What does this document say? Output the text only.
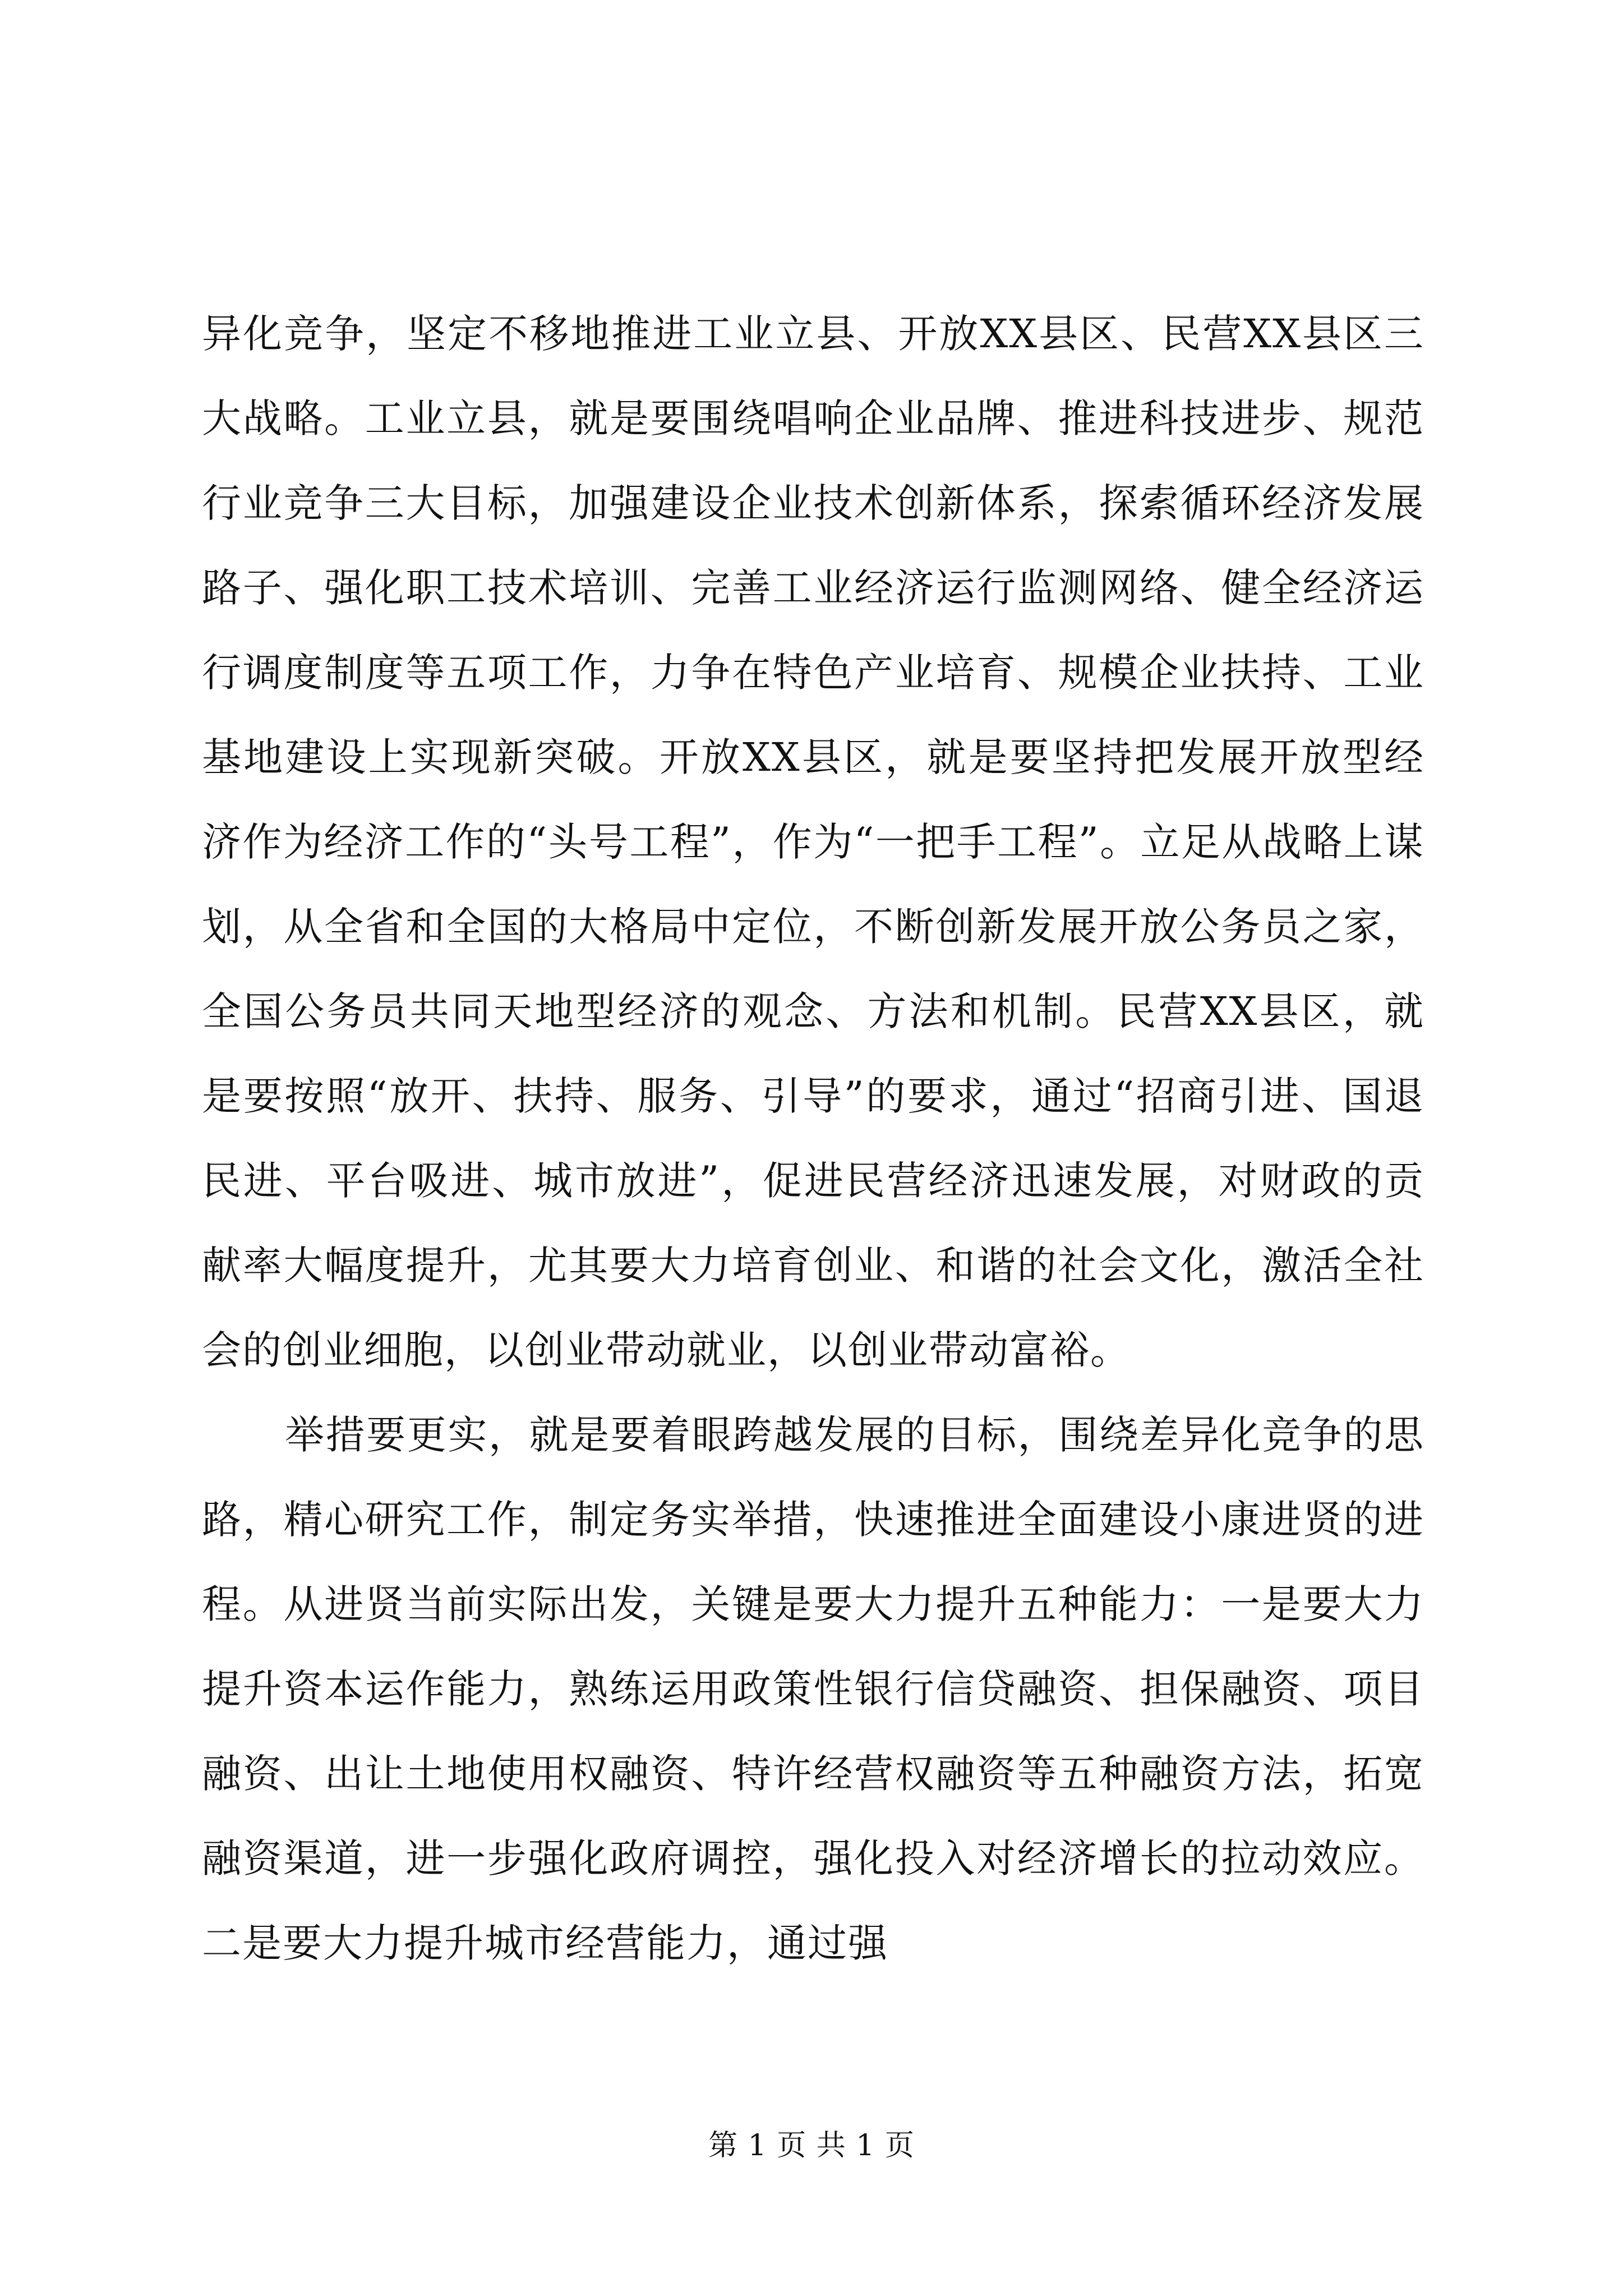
异化竞争，坚定不移地推进工业立县、开放XX县区、民营XX县区三大战略。工业立县，就是要围绕唱响企业品牌、推进科技进步、规范行业竞争三大目标，加强建设企业技术创新体系，探索循环经济发展路子、强化职工技术培训、完善工业经济运行监测网络、健全经济运行调度制度等五项工作，力争在特色产业培育、规模企业扶持、工业基地建设上实现新突破。开放XX县区，就是要坚持把发展开放型经济作为经济工作的“头号工程”，作为“一把手工程”。立足从战略上谋划，从全省和全国的大格局中定位，不断创新发展开放公务员之家，全国公务员共同天地型经济的观念、方法和机制。民营XX县区，就是要按照“放开、扶持、服务、引导”的要求，通过“招商引进、国退民进、平台吸进、城市放进”，促进民营经济迅速发展，对财政的贡献率大幅度提升，尤其要大力培育创业、和谐的社会文化，激活全社会的创业细胞，以创业带动就业，以创业带动富裕。

举措要更实，就是要着眼跨越发展的目标，围绕差异化竞争的思路，精心研究工作，制定务实举措，快速推进全面建设小康进贤的进程。从进贤当前实际出发，关键是要大力提升五种能力：一是要大力提升资本运作能力，熟练运用政策性银行信贷融资、担保融资、项目融资、出让土地使用权融资、特许经营权融资等五种融资方法，拓宽融资渠道，进一步强化政府调控，强化投入对经济增长的拉动效应。二是要大力提升城市经营能力，通过强

第 1 页 共 1 页
